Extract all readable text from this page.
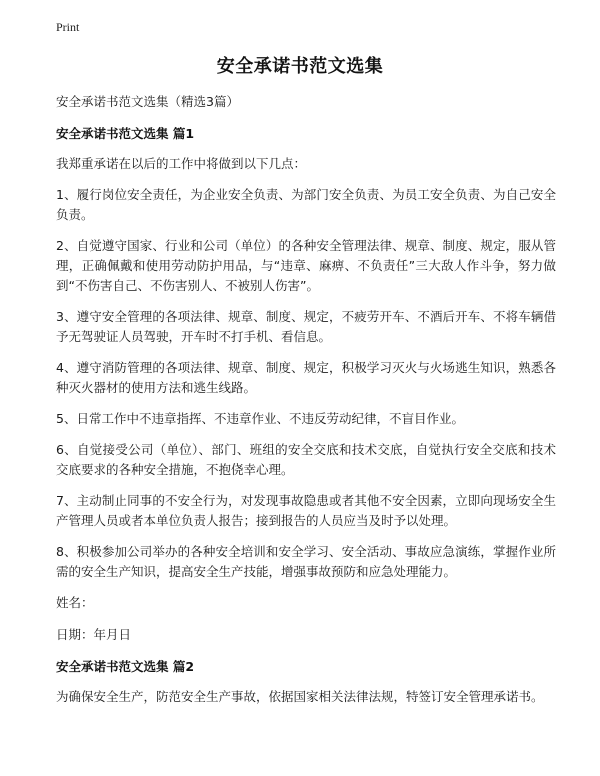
Print
安全承诺书范文选集

安全承诺书范文选集（精选3篇）

安全承诺书范文选集 篇1

我郑重承诺在以后的工作中将做到以下几点：

1、履行岗位安全责任，为企业安全负责、为部门安全负责、为员工安全负责、为自己安全负责。

2、自觉遵守国家、行业和公司（单位）的各种安全管理法律、规章、制度、规定，服从管理，正确佩戴和使用劳动防护用品，与“违章、麻痹、不负责任”三大敌人作斗争，努力做到“不伤害自己、不伤害别人、不被别人伤害”。

3、遵守安全管理的各项法律、规章、制度、规定，不疲劳开车、不酒后开车、不将车辆借予无驾驶证人员驾驶，开车时不打手机、看信息。

4、遵守消防管理的各项法律、规章、制度、规定，积极学习灭火与火场逃生知识，熟悉各种灭火器材的使用方法和逃生线路。

5、日常工作中不违章指挥、不违章作业、不违反劳动纪律，不盲目作业。

6、自觉接受公司（单位）、部门、班组的安全交底和技术交底，自觉执行安全交底和技术交底要求的各种安全措施，不抱侥幸心理。

7、主动制止同事的不安全行为，对发现事故隐患或者其他不安全因素，立即向现场安全生产管理人员或者本单位负责人报告；接到报告的人员应当及时予以处理。

8、积极参加公司举办的各种安全培训和安全学习、安全活动、事故应急演练，掌握作业所需的安全生产知识，提高安全生产技能，增强事故预防和应急处理能力。

姓名：

日期：年月日

安全承诺书范文选集 篇2

为确保安全生产，防范安全生产事故，依据国家相关法律法规，特签订安全管理承诺书。
